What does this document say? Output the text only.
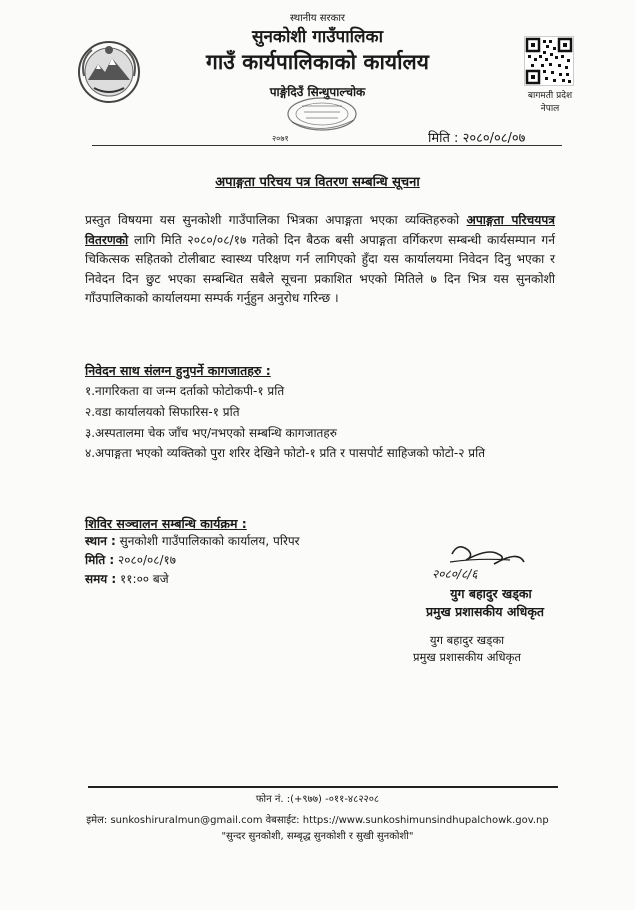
स्थानीय सरकार
सुनकोशी गाउँपालिका
गाउँ कार्यपालिकाको कार्यालय
पाङ्गेदिउँ सिन्धुपाल्चोक	बागमती प्रदेश
नेपाल
२०७१	मिति : २०८०/०८/०७
अपाङ्गता परिचय पत्र वितरण सम्बन्धि सूचना
प्रस्तुत विषयमा यस सुनकोशी गाउँपालिका भित्रका अपाङ्गता भएका व्यक्तिहरुको अपाङ्गता परिचयपत्र वितरणको लागि मिति २०८०/०८/१७ गतेको दिन बैठक बसी अपाङ्गता वर्गिकरण सम्बन्धी कार्यसम्पान गर्न चिकित्सक सहितको टोलीबाट स्वास्थ्य परिक्षण गर्न लागिएको हुँदा यस कार्यालयमा निवेदन दिनु भएका र निवेदन दिन छुट भएका सम्बन्धित सबैले सूचना प्रकाशित भएको मितिले ७ दिन भित्र यस सुनकोशी गाँउपालिकाको कार्यालयमा सम्पर्क गर्नुहुन अनुरोध गरिन्छ ।
निवेदन साथ संलग्न हुनुपर्ने कागजातहरु :
१.नागरिकता वा जन्म दर्ताको फोटोकपी-१ प्रति
२.वडा कार्यालयको सिफारिस-१ प्रति
३.अस्पतालमा चेक जाँच भए/नभएको सम्बन्धि कागजातहरु
४.अपाङ्गता भएको व्यक्तिको पुरा शरिर देखिने फोटो-१ प्रति र पासपोर्ट साहिजको फोटो-२ प्रति
शिविर सञ्चालन सम्बन्धि कार्यक्रम :
स्थान : सुनकोशी गाउँपालिकाको कार्यालय, परिपर
मिति : २०८०/०८/१७
समय : ११:०० बजे	२०८०/८/६
युग बहादुर खड्का
प्रमुख प्रशासकीय अधिकृत
युग बहादुर खड्का
प्रमुख प्रशासकीय अधिकृत
फोन नं. :(+९७७) -०११-४८२२०८
इमेल: sunkoshiruralmun@gmail.com वेबसाईट: https://www.sunkoshimunsindhupalchowk.gov.np
"सुन्दर सुनकोशी, सम्बृद्ध सुनकोशी र सुखी सुनकोशी"
